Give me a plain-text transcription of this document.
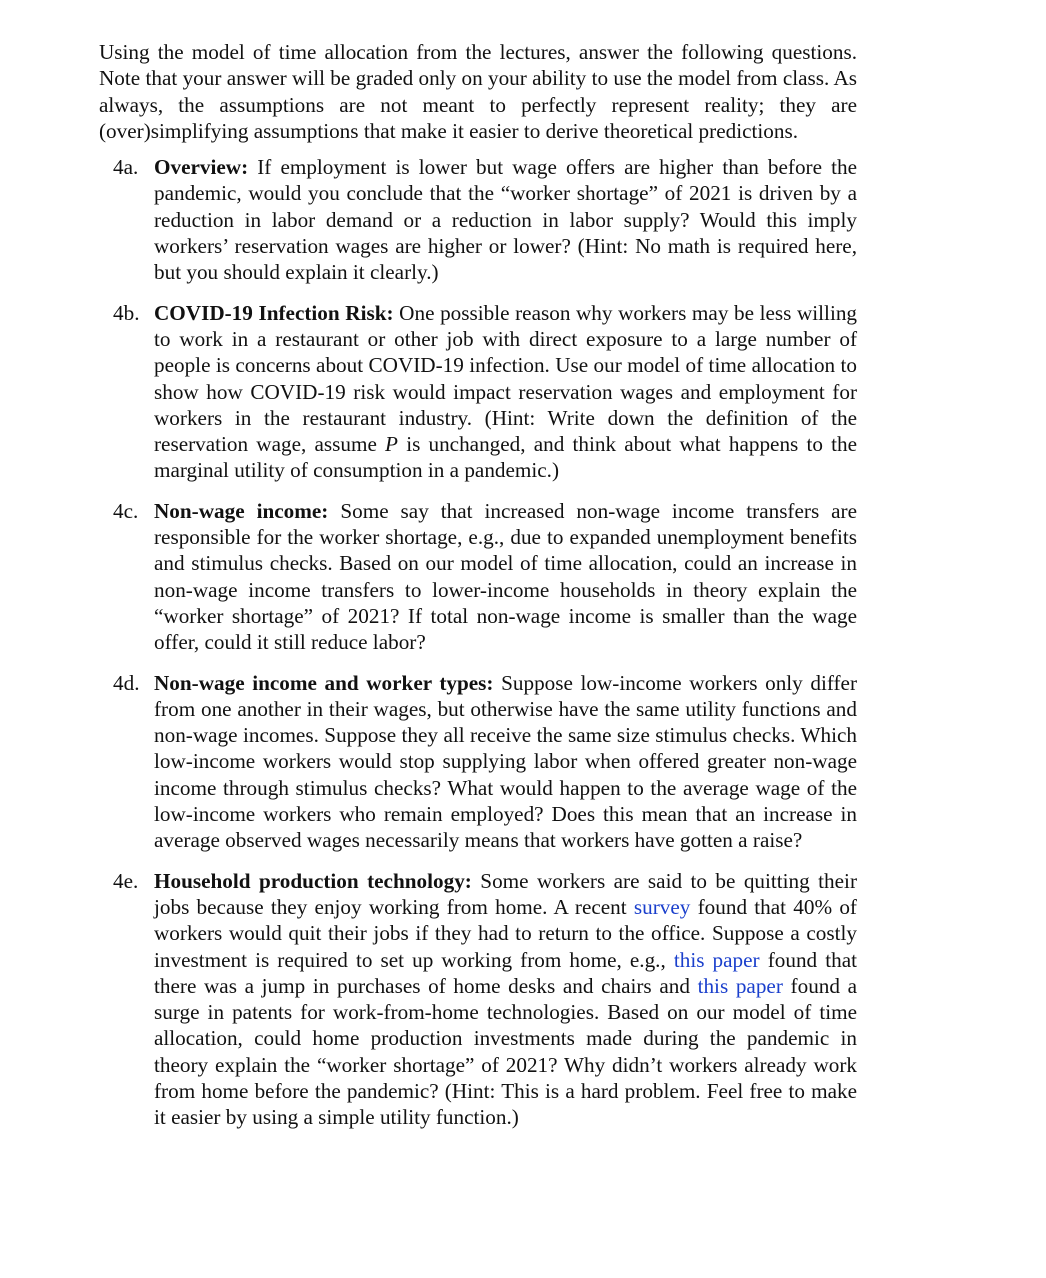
Using the model of time allocation from the lectures, answer the following questions. Note that your answer will be graded only on your ability to use the model from class. As always, the assumptions are not meant to perfectly represent reality; they are (over)simplifying assumptions that make it easier to derive theoretical predictions.

4a. Overview: If employment is lower but wage offers are higher than before the pandemic, would you conclude that the “worker shortage” of 2021 is driven by a reduction in labor demand or a reduction in labor supply? Would this imply workers’ reservation wages are higher or lower? (Hint: No math is required here, but you should explain it clearly.)

4b. COVID-19 Infection Risk: One possible reason why workers may be less willing to work in a restaurant or other job with direct exposure to a large number of people is concerns about COVID-19 infection. Use our model of time allocation to show how COVID-19 risk would impact reservation wages and employment for workers in the restaurant industry. (Hint: Write down the definition of the reservation wage, assume P is unchanged, and think about what happens to the marginal utility of consumption in a pandemic.)

4c. Non-wage income: Some say that increased non-wage income transfers are responsible for the worker shortage, e.g., due to expanded unemployment benefits and stimulus checks. Based on our model of time allocation, could an increase in non-wage income transfers to lower-income households in theory explain the “worker shortage” of 2021? If total non-wage income is smaller than the wage offer, could it still reduce labor?

4d. Non-wage income and worker types: Suppose low-income workers only differ from one another in their wages, but otherwise have the same utility functions and non-wage incomes. Suppose they all receive the same size stimulus checks. Which low-income workers would stop supplying labor when offered greater non-wage income through stimulus checks? What would happen to the average wage of the low-income workers who remain employed? Does this mean that an increase in average observed wages necessarily means that workers have gotten a raise?

4e. Household production technology: Some workers are said to be quitting their jobs because they enjoy working from home. A recent survey found that 40% of workers would quit their jobs if they had to return to the office. Suppose a costly investment is required to set up working from home, e.g., this paper found that there was a jump in purchases of home desks and chairs and this paper found a surge in patents for work-from-home technologies. Based on our model of time allocation, could home production investments made during the pandemic in theory explain the “worker shortage” of 2021? Why didn’t workers already work from home before the pandemic? (Hint: This is a hard problem. Feel free to make it easier by using a simple utility function.)
